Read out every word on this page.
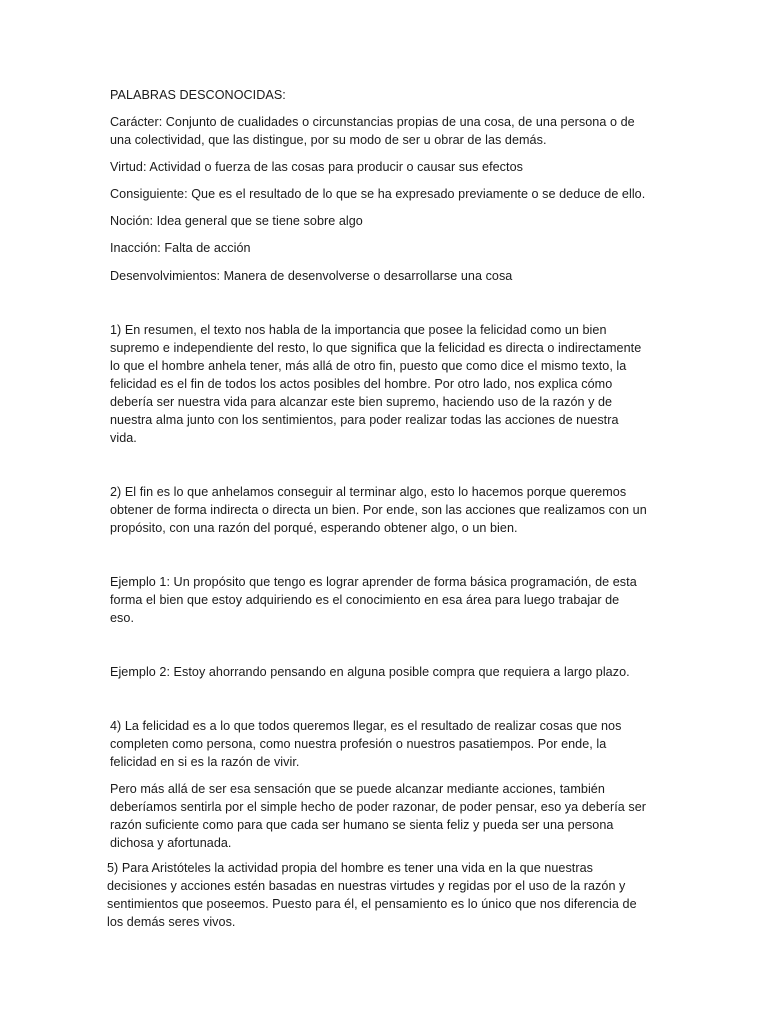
PALABRAS DESCONOCIDAS:

Carácter: Conjunto de cualidades o circunstancias propias de una cosa, de una persona o de
una colectividad, que las distingue, por su modo de ser u obrar de las demás.

Virtud: Actividad o fuerza de las cosas para producir o causar sus efectos

Consiguiente: Que es el resultado de lo que se ha expresado previamente o se deduce de ello.

Noción: Idea general que se tiene sobre algo

Inacción: Falta de acción

Desenvolvimientos: Manera de desenvolverse o desarrollarse una cosa

1) En resumen, el texto nos habla de la importancia que posee la felicidad como un bien
supremo e independiente del resto, lo que significa que la felicidad es directa o indirectamente
lo que el hombre anhela tener, más allá de otro fin, puesto que como dice el mismo texto, la
felicidad es el fin de todos los actos posibles del hombre. Por otro lado, nos explica cómo
debería ser nuestra vida para alcanzar este bien supremo, haciendo uso de la razón y de
nuestra alma junto con los sentimientos, para poder realizar todas las acciones de nuestra
vida.

2) El fin es lo que anhelamos conseguir al terminar algo, esto lo hacemos porque queremos
obtener de forma indirecta o directa un bien. Por ende, son las acciones que realizamos con un
propósito, con una razón del porqué, esperando obtener algo, o un bien.

Ejemplo 1: Un propósito que tengo es lograr aprender de forma básica programación, de esta
forma el bien que estoy adquiriendo es el conocimiento en esa área para luego trabajar de
eso.

Ejemplo 2: Estoy ahorrando pensando en alguna posible compra que requiera a largo plazo.

4) La felicidad es a lo que todos queremos llegar, es el resultado de realizar cosas que nos
completen como persona, como nuestra profesión o nuestros pasatiempos. Por ende, la
felicidad en si es la razón de vivir.

Pero más allá de ser esa sensación que se puede alcanzar mediante acciones, también
deberíamos sentirla por el simple hecho de poder razonar, de poder pensar, eso ya debería ser
razón suficiente como para que cada ser humano se sienta feliz y pueda ser una persona
dichosa y afortunada.

5) Para Aristóteles la actividad propia del hombre es tener una vida en la que nuestras
decisiones y acciones estén basadas en nuestras virtudes y regidas por el uso de la razón y
sentimientos que poseemos. Puesto para él, el pensamiento es lo único que nos diferencia de
los demás seres vivos.
